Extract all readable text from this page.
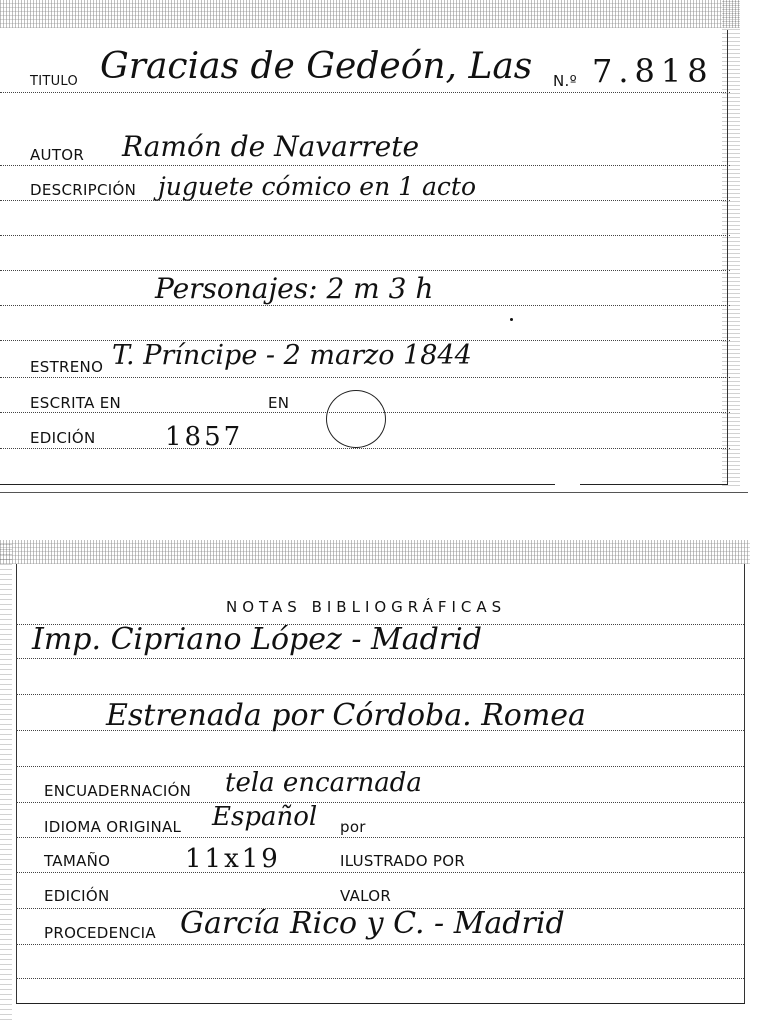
TITULO Gracias de Gedeón, Las N.º 7.818
AUTOR Ramón de Navarrete
DESCRIPCIÓN juguete cómico en 1 acto
Personajes: 2 m 3 h
ESTRENO T. Príncipe - 2 marzo 1844
ESCRITA EN	EN
EDICIÓN	1857
NOTAS BIBLIOGRÁFICAS
Imp. Cipriano López - Madrid
Estrenada por Córdoba. Romea
ENCUADERNACIÓN tela encarnada
IDIOMA ORIGINAL Español por
TAMAÑO	11x19	ILUSTRADO POR
EDICIÓN	VALOR
PROCEDENCIA García Rico y C. - Madrid
